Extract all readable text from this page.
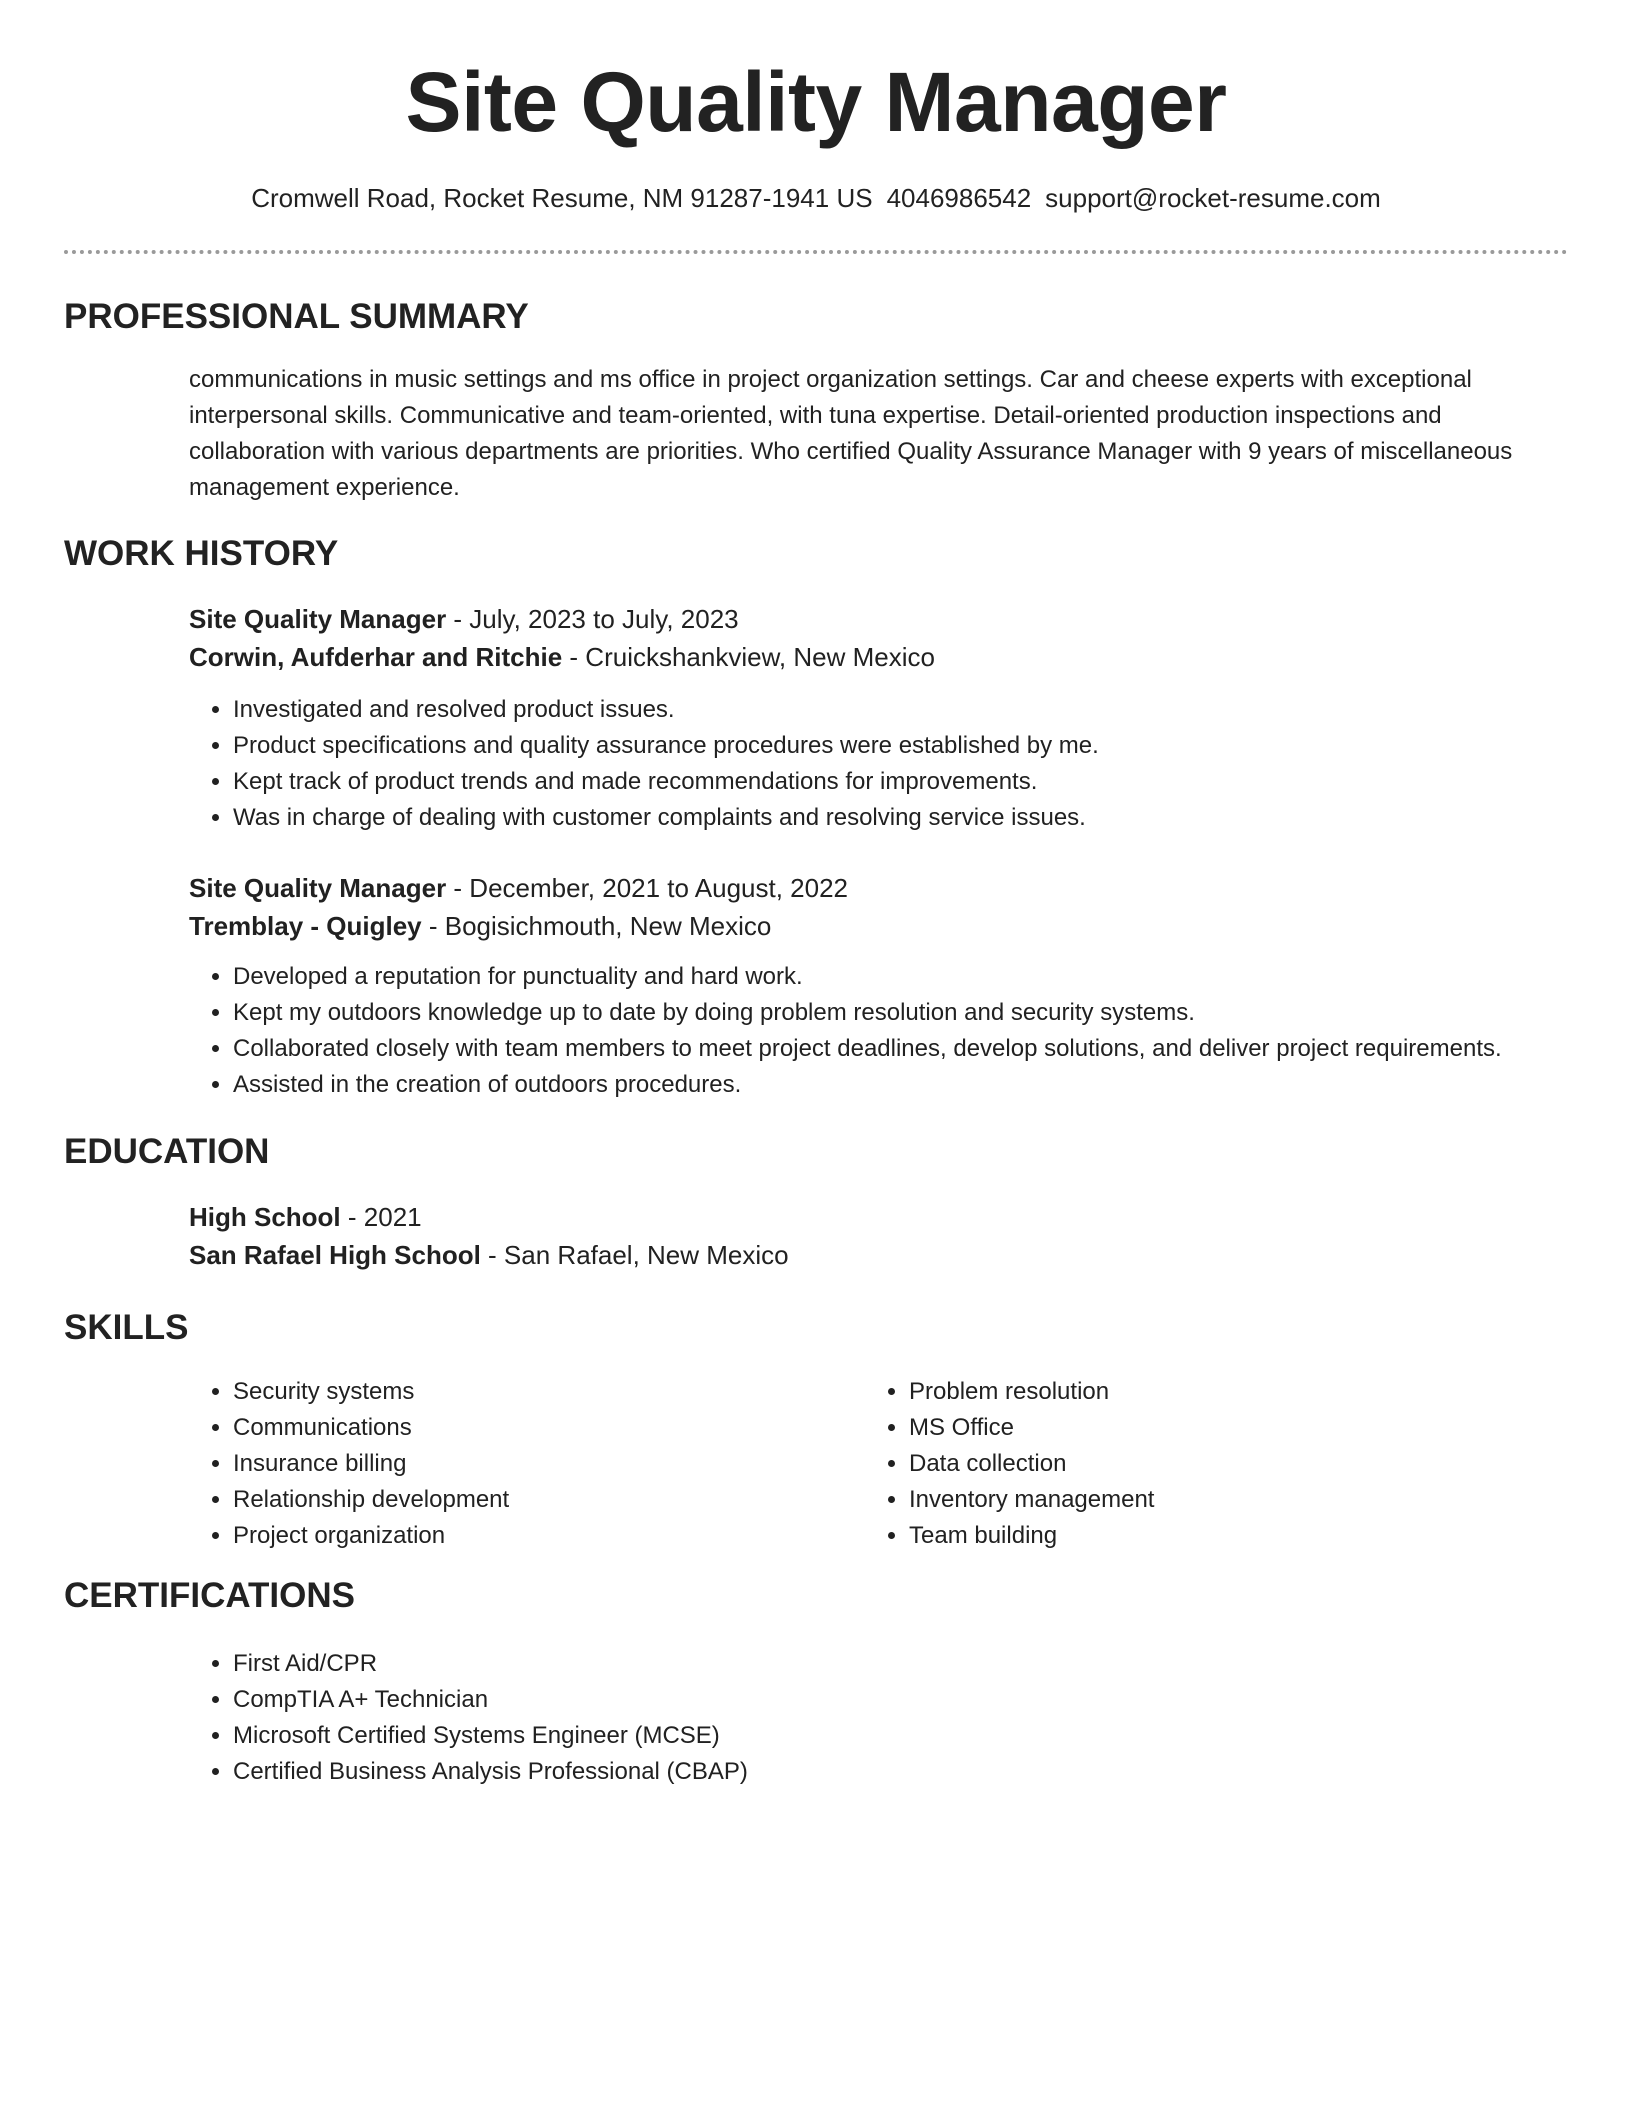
Site Quality Manager
Cromwell Road, Rocket Resume, NM 91287-1941 US 4046986542 support@rocket-resume.com
PROFESSIONAL SUMMARY
communications in music settings and ms office in project organization settings. Car and cheese experts with exceptional interpersonal skills. Communicative and team-oriented, with tuna expertise. Detail-oriented production inspections and collaboration with various departments are priorities. Who certified Quality Assurance Manager with 9 years of miscellaneous management experience.
WORK HISTORY
Site Quality Manager - July, 2023 to July, 2023
Corwin, Aufderhar and Ritchie - Cruickshankview, New Mexico
• Investigated and resolved product issues.
• Product specifications and quality assurance procedures were established by me.
• Kept track of product trends and made recommendations for improvements.
• Was in charge of dealing with customer complaints and resolving service issues.
Site Quality Manager - December, 2021 to August, 2022
Tremblay - Quigley - Bogisichmouth, New Mexico
• Developed a reputation for punctuality and hard work.
• Kept my outdoors knowledge up to date by doing problem resolution and security systems.
• Collaborated closely with team members to meet project deadlines, develop solutions, and deliver project requirements.
• Assisted in the creation of outdoors procedures.
EDUCATION
High School - 2021
San Rafael High School - San Rafael, New Mexico
SKILLS
• Security systems
• Communications
• Insurance billing
• Relationship development
• Project organization
• Problem resolution
• MS Office
• Data collection
• Inventory management
• Team building
CERTIFICATIONS
• First Aid/CPR
• CompTIA A+ Technician
• Microsoft Certified Systems Engineer (MCSE)
• Certified Business Analysis Professional (CBAP)
